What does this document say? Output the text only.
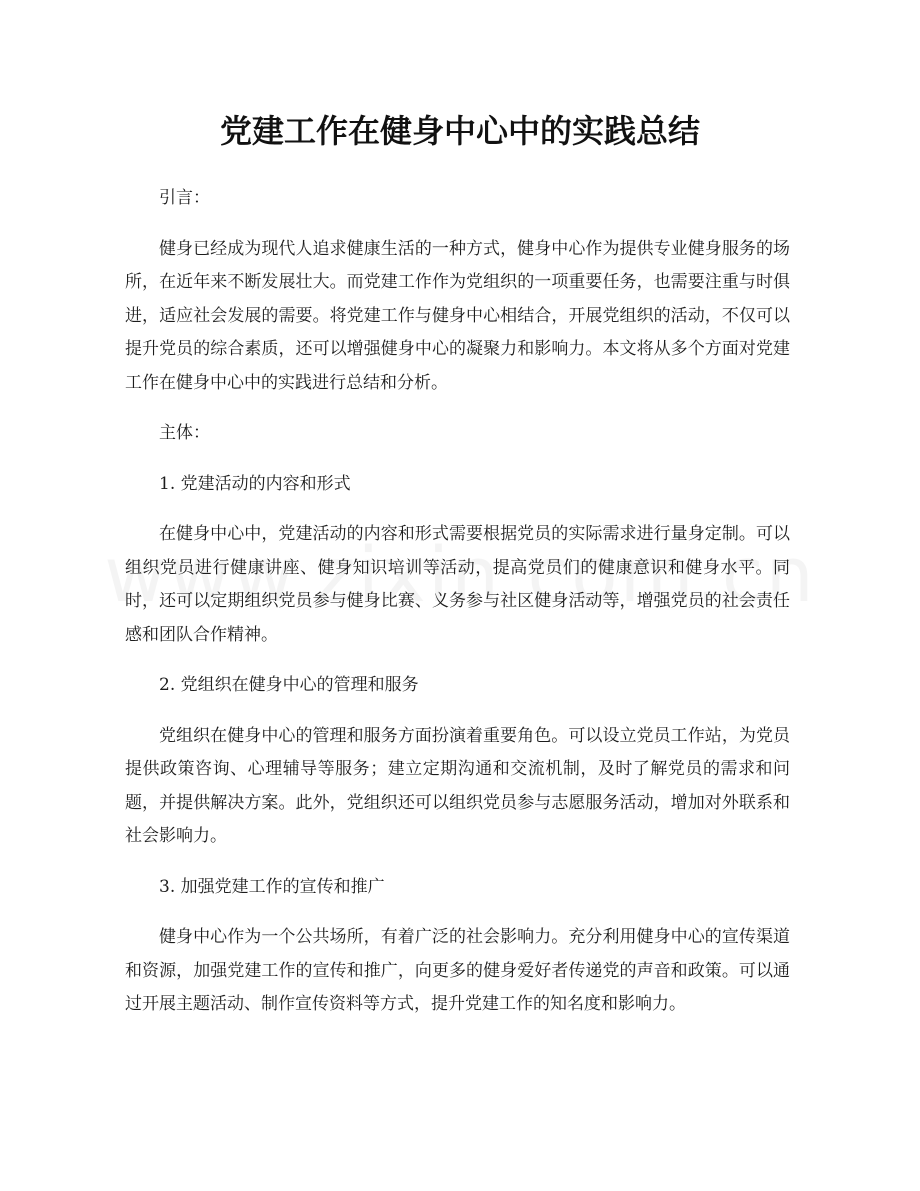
党建工作在健身中心中的实践总结

引言：

健身已经成为现代人追求健康生活的一种方式，健身中心作为提供专业健身服务的场所，在近年来不断发展壮大。而党建工作作为党组织的一项重要任务，也需要注重与时俱进，适应社会发展的需要。将党建工作与健身中心相结合，开展党组织的活动，不仅可以提升党员的综合素质，还可以增强健身中心的凝聚力和影响力。本文将从多个方面对党建工作在健身中心中的实践进行总结和分析。

主体：

1. 党建活动的内容和形式

在健身中心中，党建活动的内容和形式需要根据党员的实际需求进行量身定制。可以组织党员进行健康讲座、健身知识培训等活动，提高党员们的健康意识和健身水平。同时，还可以定期组织党员参与健身比赛、义务参与社区健身活动等，增强党员的社会责任感和团队合作精神。

2. 党组织在健身中心的管理和服务

党组织在健身中心的管理和服务方面扮演着重要角色。可以设立党员工作站，为党员提供政策咨询、心理辅导等服务；建立定期沟通和交流机制，及时了解党员的需求和问题，并提供解决方案。此外，党组织还可以组织党员参与志愿服务活动，增加对外联系和社会影响力。

3. 加强党建工作的宣传和推广

健身中心作为一个公共场所，有着广泛的社会影响力。充分利用健身中心的宣传渠道和资源，加强党建工作的宣传和推广，向更多的健身爱好者传递党的声音和政策。可以通过开展主题活动、制作宣传资料等方式，提升党建工作的知名度和影响力。
